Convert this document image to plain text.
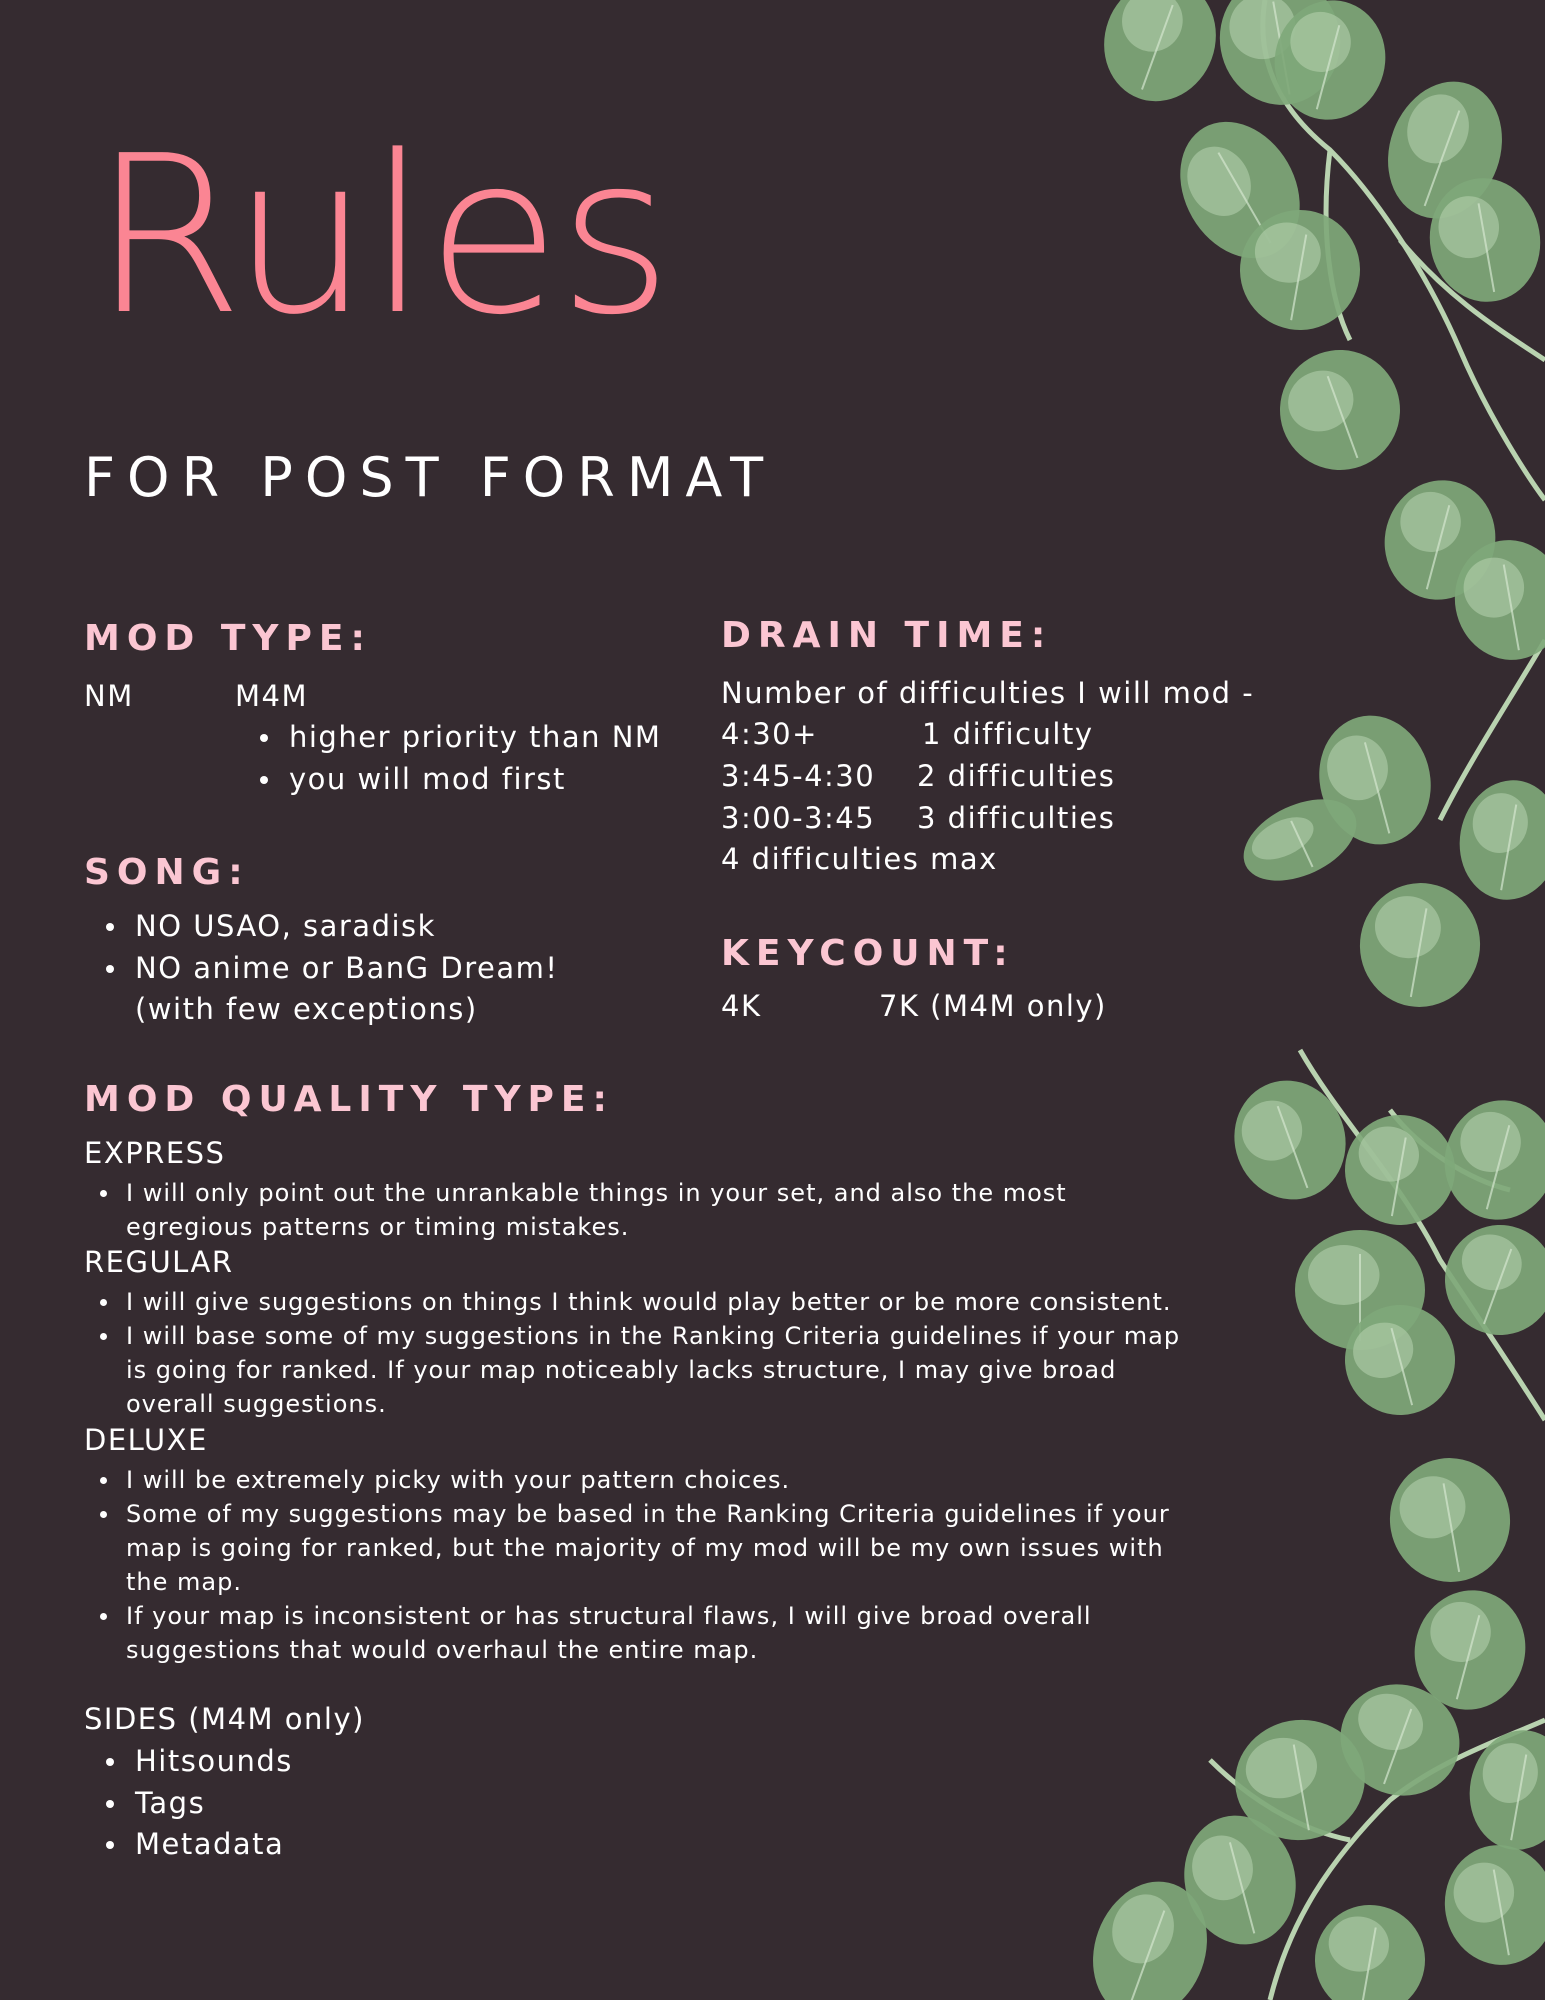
Rules
FOR POST FORMAT
MOD TYPE:
NM	M4M
higher priority than NM
you will mod first
SONG:
NO USAO, saradisk
NO anime or BanG Dream!
(with few exceptions)
DRAIN TIME:
Number of difficulties I will mod -
4:30+	1 difficulty
3:45-4:30 2 difficulties
3:00-3:45 3 difficulties
4 difficulties max
KEYCOUNT:
4K	7K (M4M only)
MOD QUALITY TYPE:
EXPRESS
I will only point out the unrankable things in your set, and also the most
egregious patterns or timing mistakes.
REGULAR
I will give suggestions on things I think would play better or be more consistent.
I will base some of my suggestions in the Ranking Criteria guidelines if your map
is going for ranked. If your map noticeably lacks structure, I may give broad
overall suggestions.
DELUXE
I will be extremely picky with your pattern choices.
Some of my suggestions may be based in the Ranking Criteria guidelines if your
map is going for ranked, but the majority of my mod will be my own issues with
the map.
If your map is inconsistent or has structural flaws, I will give broad overall
suggestions that would overhaul the entire map.
SIDES (M4M only)
Hitsounds
Tags
Metadata
